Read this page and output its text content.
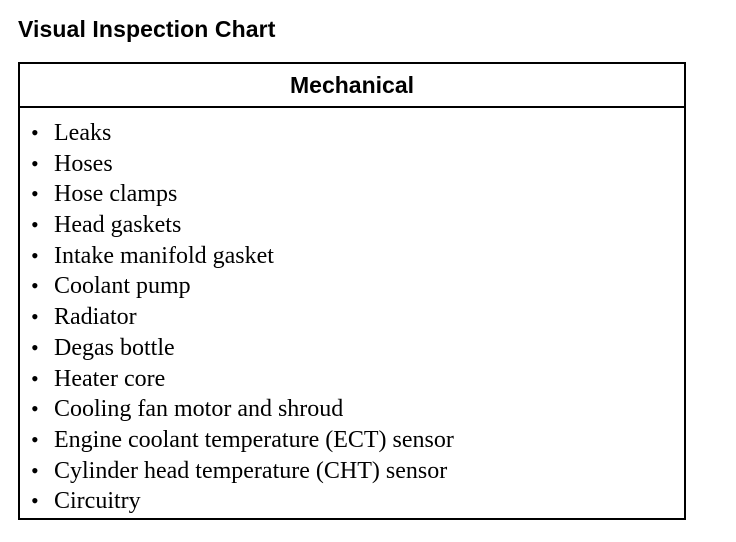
Visual Inspection Chart
Mechanical
• Leaks
• Hoses
• Hose clamps
• Head gaskets
• Intake manifold gasket
• Coolant pump
• Radiator
• Degas bottle
• Heater core
• Cooling fan motor and shroud
• Engine coolant temperature (ECT) sensor
• Cylinder head temperature (CHT) sensor
• Circuitry
